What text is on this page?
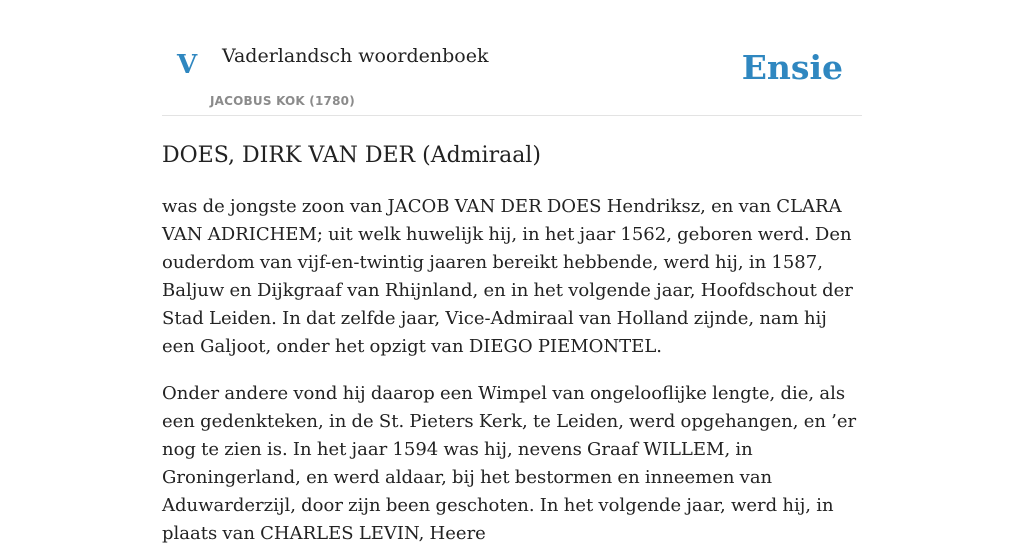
V Vaderlandsch woordenboek
JACOBUS KOK (1780)
Ensie
DOES, DIRK VAN DER (Admiraal)

was de jongste zoon van JACOB VAN DER DOES Hendriksz, en van CLARA VAN ADRICHEM; uit welk huwelijk hij, in het jaar 1562, geboren werd. Den ouderdom van vijf-en-twintig jaaren bereikt hebbende, werd hij, in 1587, Baljuw en Dijkgraaf van Rhijnland, en in het volgende jaar, Hoofdschout der Stad Leiden. In dat zelfde jaar, Vice-Admiraal van Holland zijnde, nam hij een Galjoot, onder het opzigt van DIEGO PIEMONTEL.

Onder andere vond hij daarop een Wimpel van ongelooflijke lengte, die, als een gedenkteken, in de St. Pieters Kerk, te Leiden, werd opgehangen, en ’er nog te zien is. In het jaar 1594 was hij, nevens Graaf WILLEM, in Groningerland, en werd aldaar, bij het bestormen en inneemen van Aduwarderzijl, door zijn been geschoten. In het volgende jaar, werd hij, in plaats van CHARLES LEVIN, Heere
